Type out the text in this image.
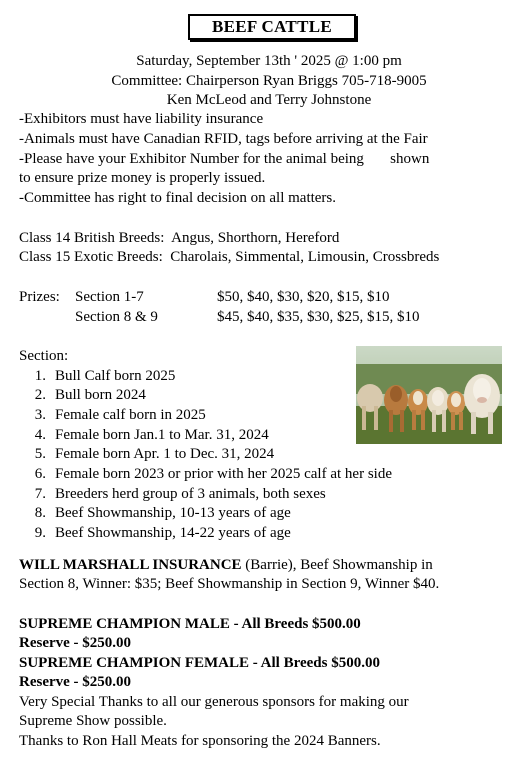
BEEF CATTLE
Saturday, September 13th ' 2025 @ 1:00 pm
Committee: Chairperson Ryan Briggs 705-718-9005
Ken McLeod and Terry Johnstone
-Exhibitors must have liability insurance
-Animals must have Canadian RFID, tags before arriving at the Fair
-Please have your Exhibitor Number for the animal being       shown
to ensure prize money is properly issued.
-Committee has right to final decision on all matters.
Class 14 British Breeds: Angus, Shorthorn, Hereford
Class 15 Exotic Breeds: Charolais, Simmental, Limousin, Crossbreds
Prizes: Section 1-7	$50, $40, $30, $20, $15, $10
Section 8 & 9	$45, $40, $35, $30, $25, $15, $10
Section:
1. Bull Calf born 2025
2. Bull born 2024
3. Female calf born in 2025
4. Female born Jan.1 to Mar. 31, 2024
5. Female born Apr. 1 to Dec. 31, 2024
6. Female born 2023 or prior with her 2025 calf at her side
7. Breeders herd group of 3 animals, both sexes
8. Beef Showmanship, 10-13 years of age
9. Beef Showmanship, 14-22 years of age
WILL MARSHALL INSURANCE (Barrie), Beef Showmanship in
Section 8, Winner: $35; Beef Showmanship in Section 9, Winner $40.
SUPREME CHAMPION MALE - All Breeds $500.00
Reserve - $250.00
SUPREME CHAMPION FEMALE - All Breeds $500.00
Reserve - $250.00
Very Special Thanks to all our generous sponsors for making our
Supreme Show possible.
Thanks to Ron Hall Meats for sponsoring the 2024 Banners.
